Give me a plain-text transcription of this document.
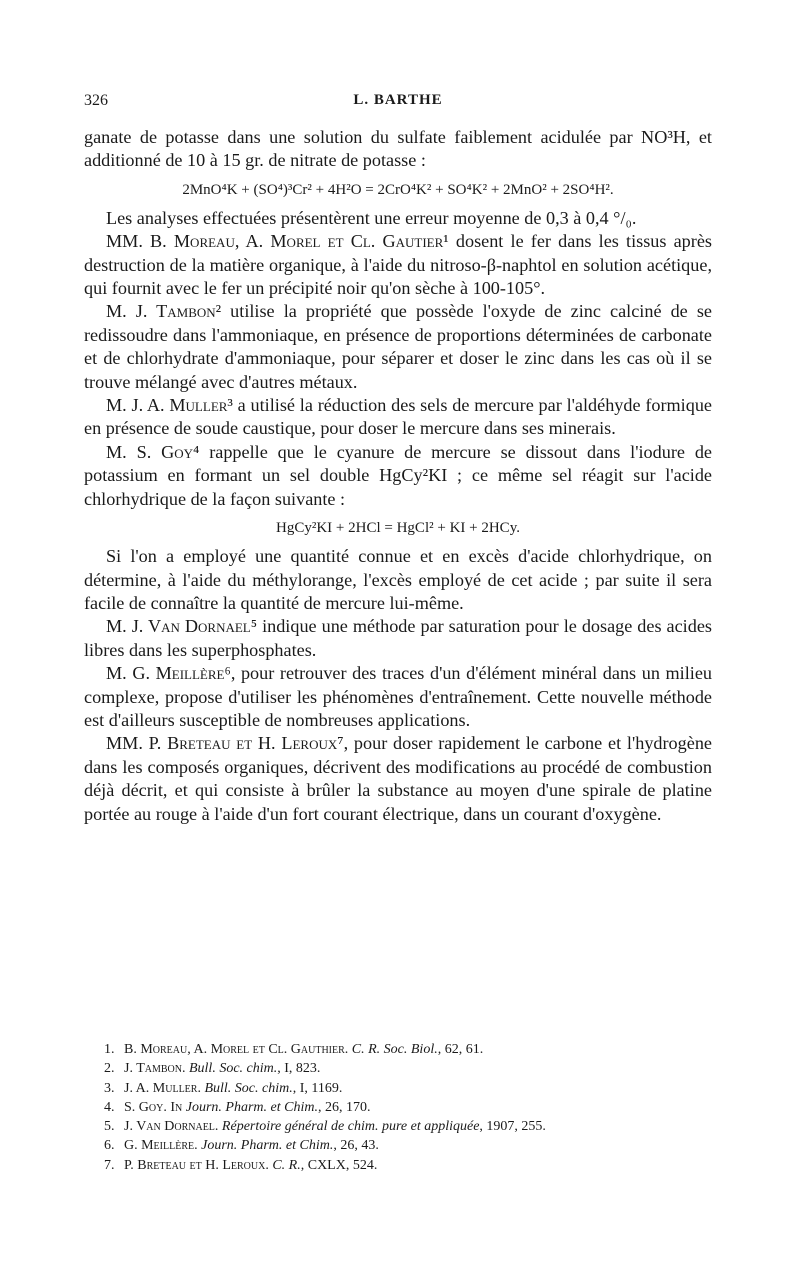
326	L. BARTHE

ganate de potasse dans une solution du sulfate faiblement acidulée par NO³H, et additionné de 10 à 15 gr. de nitrate de potasse :

2MnO⁴K + (SO⁴)³Cr² + 4H²O = 2CrO⁴K² + SO⁴K² + 2MnO² + 2SO⁴H².

Les analyses effectuées présentèrent une erreur moyenne de 0,3 à 0,4 °/₀.

MM. B. Moreau, A. Morel et Cl. Gautier¹ dosent le fer dans les tissus après destruction de la matière organique, à l'aide du nitroso-β-naphtol en solution acétique, qui fournit avec le fer un précipité noir qu'on sèche à 100-105°.

M. J. Tambon² utilise la propriété que possède l'oxyde de zinc calciné de se redissoudre dans l'ammoniaque, en présence de proportions déterminées de carbonate et de chlorhydrate d'ammoniaque, pour séparer et doser le zinc dans les cas où il se trouve mélangé avec d'autres métaux.

M. J. A. Muller³ a utilisé la réduction des sels de mercure par l'aldéhyde formique en présence de soude caustique, pour doser le mercure dans ses minerais.

M. S. Goy⁴ rappelle que le cyanure de mercure se dissout dans l'iodure de potassium en formant un sel double HgCy²KI ; ce même sel réagit sur l'acide chlorhydrique de la façon suivante :

HgCy²KI + 2HCl = HgCl² + KI + 2HCy.

Si l'on a employé une quantité connue et en excès d'acide chlorhydrique, on détermine, à l'aide du méthylorange, l'excès employé de cet acide ; par suite il sera facile de connaître la quantité de mercure lui-même.

M. J. Van Dornael⁵ indique une méthode par saturation pour le dosage des acides libres dans les superphosphates.

M. G. Meillère⁶, pour retrouver des traces d'un d'élément minéral dans un milieu complexe, propose d'utiliser les phénomènes d'entraînement. Cette nouvelle méthode est d'ailleurs susceptible de nombreuses applications.

MM. P. Breteau et H. Leroux⁷, pour doser rapidement le carbone et l'hydrogène dans les composés organiques, décrivent des modifications au procédé de combustion déjà décrit, et qui consiste à brûler la substance au moyen d'une spirale de platine portée au rouge à l'aide d'un fort courant électrique, dans un courant d'oxygène.

1. B. Moreau, A. Morel et Cl. Gauthier. C. R. Soc. Biol., 62, 61.

2. J. Tambon. Bull. Soc. chim., I, 823.

3. J. A. Muller. Bull. Soc. chim., I, 1169.

4. S. Goy. In Journ. Pharm. et Chim., 26, 170.

5. J. Van Dornael. Répertoire général de chim. pure et appliquée, 1907, 255.

6. G. Meillère. Journ. Pharm. et Chim., 26, 43.

7. P. Breteau et H. Leroux. C. R., CXLX, 524.
